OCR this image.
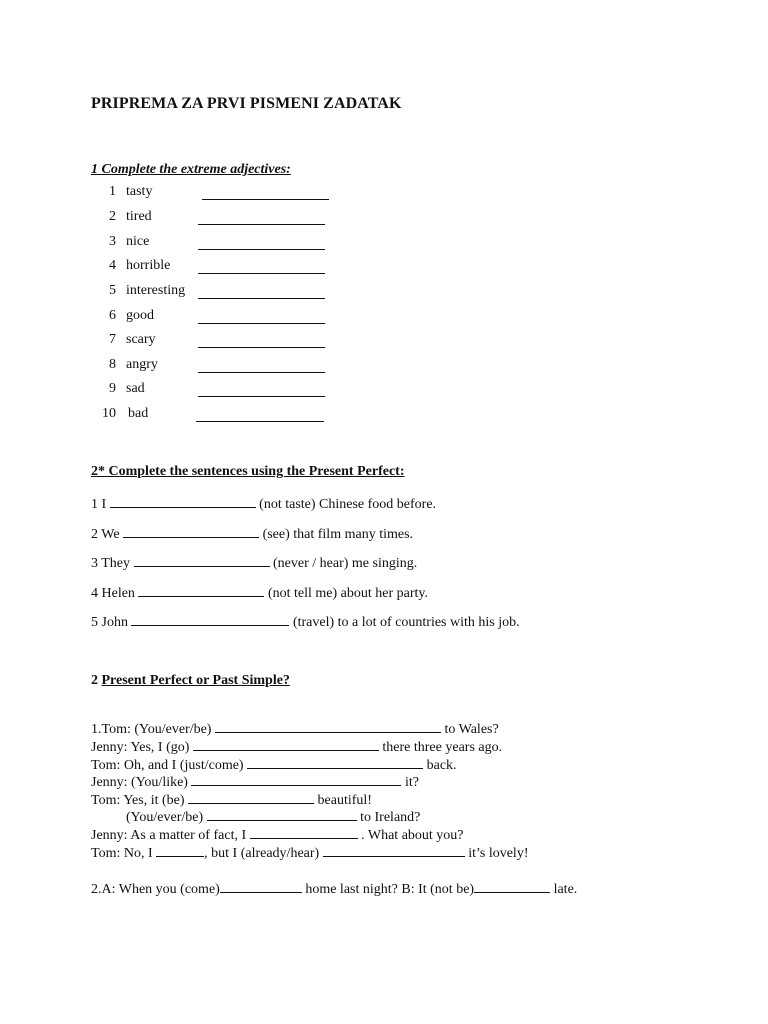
PRIPREMA ZA PRVI PISMENI ZADATAK
1 Complete the extreme adjectives:
1 tasty
2 tired
3 nice
4 horrible
5 interesting
6 good
7 scary
8 angry
9 sad
10 bad
2* Complete the sentences using the Present Perfect:
1 I	(not taste) Chinese food before.
2 We	(see) that film many times.
3 They	(never / hear) me singing.
4 Helen	(not tell me) about her party.
5 John	(travel) to a lot of countries with his job.
2 Present Perfect or Past Simple?
1.Tom: (You/ever/be)	to Wales?
Jenny: Yes, I (go)	there three years ago.
Tom: Oh, and I (just/come)	back.
Jenny: (You/like)	it?
Tom: Yes, it (be)	beautiful!
(You/ever/be)	to Ireland?
Jenny: As a matter of fact, I	. What about you?
Tom: No, I	, but I (already/hear)	it’s lovely!
2.A: When you (come)	home last night? B: It (not be)	late.
